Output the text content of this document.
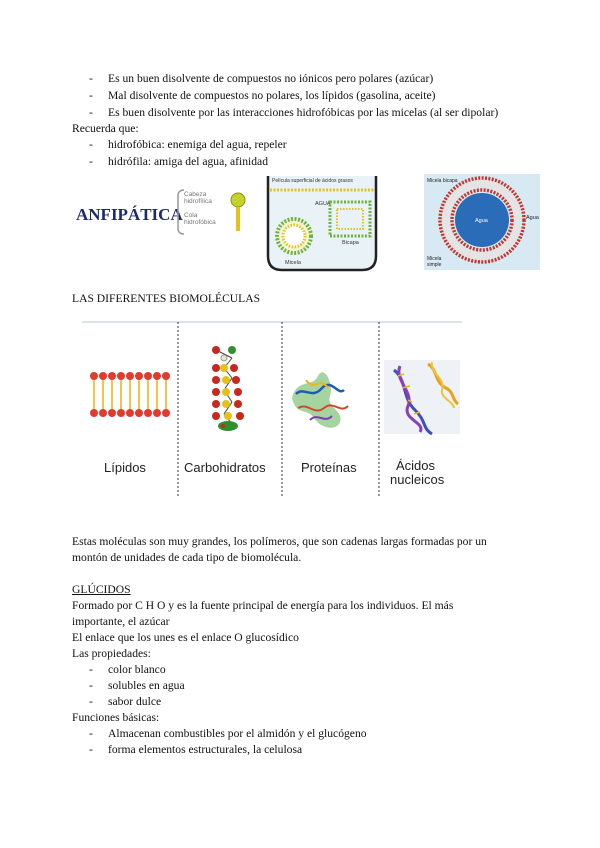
- Es un buen disolvente de compuestos no iónicos pero polares (azúcar)
- Mal disolvente de compuestos no polares, los lípidos (gasolina, aceite)
- Es buen disolvente por las interacciones hidrofóbicas por las micelas (al ser dipolar)
Recuerda que:
- hidrofóbica: enemiga del agua, repeler
- hidrófila: amiga del agua, afinidad
ANFIPÁTICA
Cabeza
hidrofílica
Cola
hidrofóbica
Película superficial de ácidos grasos
AGUA
Bicapa
Micela
Agua
Micela bicapa
Agua
Micela
simple
LAS DIFERENTES BIOMOLÉCULAS
Lípidos	Carbohidratos	Proteínas	Ácidos
nucleicos
Estas moléculas son muy grandes, los polímeros, que son cadenas largas formadas por un
montón de unidades de cada tipo de biomolécula.
GLÚCIDOS
Formado por C H O y es la fuente principal de energía para los individuos. El más
importante, el azúcar
El enlace que los unes es el enlace O glucosídico
Las propiedades:
- color blanco
- solubles en agua
- sabor dulce
Funciones básicas:
- Almacenan combustibles por el almidón y el glucógeno
- forma elementos estructurales, la celulosa
